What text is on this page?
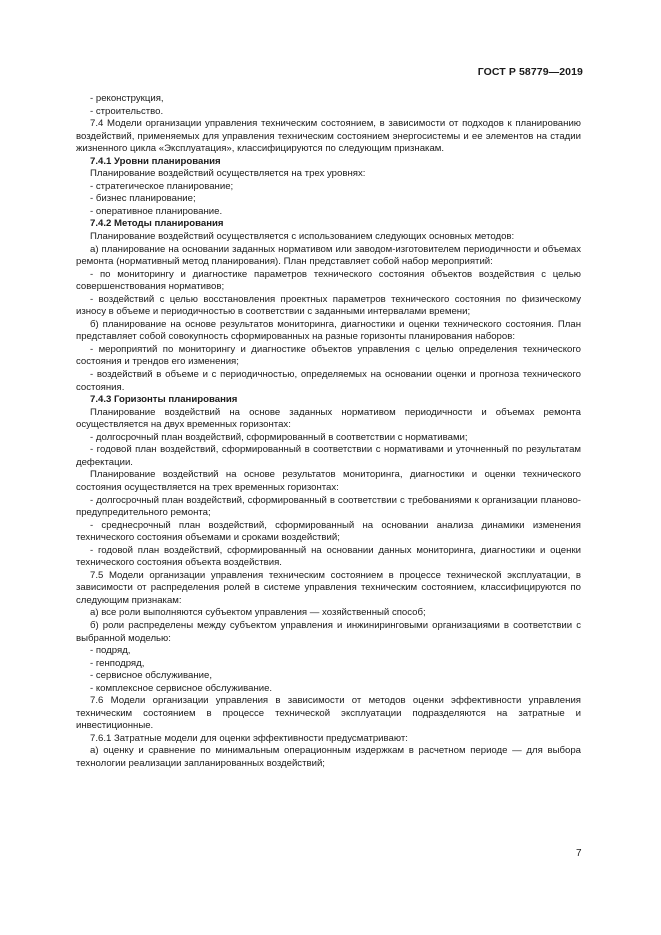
ГОСТ Р 58779—2019

- реконструкция,

- строительство.

7.4 Модели организации управления техническим состоянием, в зависимости от подходов к планированию воздействий, применяемых для управления техническим состоянием энергосистемы и ее элементов на стадии жизненного цикла «Эксплуатация», классифицируются по следующим признакам.

7.4.1 Уровни планирования

Планирование воздействий осуществляется на трех уровнях:

- стратегическое планирование;

- бизнес планирование;

- оперативное планирование.

7.4.2 Методы планирования

Планирование воздействий осуществляется с использованием следующих основных методов:

а) планирование на основании заданных нормативом или заводом-изготовителем периодичности и объемах ремонта (нормативный метод планирования). План представляет собой набор мероприятий:

- по мониторингу и диагностике параметров технического состояния объектов воздействия с целью совершенствования нормативов;

- воздействий с целью восстановления проектных параметров технического состояния по физическому износу в объеме и периодичностью в соответствии с заданными интервалами времени;

б) планирование на основе результатов мониторинга, диагностики и оценки технического состояния. План представляет собой совокупность сформированных на разные горизонты планирования наборов:

- мероприятий по мониторингу и диагностике объектов управления с целью определения технического состояния и трендов его изменения;

- воздействий в объеме и с периодичностью, определяемых на основании оценки и прогноза технического состояния.

7.4.3 Горизонты планирования

Планирование воздействий на основе заданных нормативом периодичности и объемах ремонта осуществляется на двух временных горизонтах:

- долгосрочный план воздействий, сформированный в соответствии с нормативами;

- годовой план воздействий, сформированный в соответствии с нормативами и уточненный по результатам дефектации.

Планирование воздействий на основе результатов мониторинга, диагностики и оценки технического состояния осуществляется на трех временных горизонтах:

- долгосрочный план воздействий, сформированный в соответствии с требованиями к организации планово-предупредительного ремонта;

- среднесрочный план воздействий, сформированный на основании анализа динамики изменения технического состояния объемами и сроками воздействий;

- годовой план воздействий, сформированный на основании данных мониторинга, диагностики и оценки технического состояния объекта воздействия.

7.5 Модели организации управления техническим состоянием в процессе технической эксплуатации, в зависимости от распределения ролей в системе управления техническим состоянием, классифицируются по следующим признакам:

а) все роли выполняются субъектом управления — хозяйственный способ;

б) роли распределены между субъектом управления и инжиниринговыми организациями в соответствии с выбранной моделью:

- подряд,

- генподряд,

- сервисное обслуживание,

- комплексное сервисное обслуживание.

7.6 Модели организации управления в зависимости от методов оценки эффективности управления техническим состоянием в процессе технической эксплуатации подразделяются на затратные и инвестиционные.

7.6.1 Затратные модели для оценки эффективности предусматривают:

а) оценку и сравнение по минимальным операционным издержкам в расчетном периоде — для выбора технологии реализации запланированных воздействий;

7
